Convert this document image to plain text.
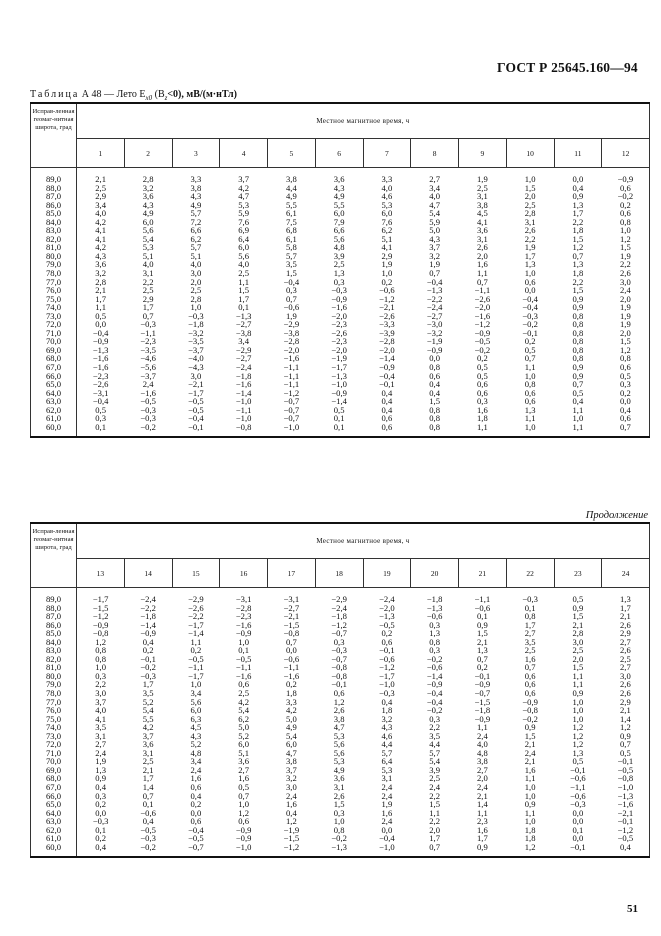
ГОСТ Р 25645.160—94
Таблица А 48 — Лето $E_{x0}$ $(B_z<0)$, мВ/(м·нТл)
Исправ-ленная геомаг-нитная широта, град	Местное магнитное время, ч											
	1	2	3	4	5	6	7	8	9	10	11	12
89,0	2,1	2,8	3,3	3,7	3,8	3,6	3,3	2,7	1,9	1,0	0,0	−0,9
88,0	2,5	3,2	3,8	4,2	4,4	4,3	4,0	3,4	2,5	1,5	0,4	0,6
87,0	2,9	3,6	4,3	4,7	4,9	4,9	4,6	4,0	3,1	2,0	0,9	−0,2
86,0	3,4	4,3	4,9	5,3	5,5	5,5	5,3	4,7	3,8	2,5	1,3	0,2
85,0	4,0	4,9	5,7	5,9	6,1	6,0	6,0	5,4	4,5	2,8	1,7	0,6
84,0	4,2	6,0	7,2	7,6	7,5	7,9	7,6	5,9	4,1	3,1	2,2	0,8
83,0	4,1	5,6	6,6	6,9	6,8	6,6	6,2	5,0	3,6	2,6	1,8	1,0
82,0	4,1	5,4	6,2	6,4	6,1	5,6	5,1	4,3	3,1	2,2	1,5	1,2
81,0	4,2	5,3	5,7	6,0	5,8	4,8	4,1	3,7	2,6	1,9	1,2	1,5
80,0	4,3	5,1	5,1	5,6	5,7	3,9	2,9	3,2	2,0	1,7	0,7	1,9
79,0	3,6	4,0	4,0	4,0	3,5	2,5	1,9	1,9	1,6	1,3	1,3	2,2
78,0	3,2	3,1	3,0	2,5	1,5	1,3	1,0	0,7	1,1	1,0	1,8	2,6
77,0	2,8	2,2	2,0	1,1	−0,4	0,3	0,2	−0,4	0,7	0,6	2,2	3,0
76,0	2,1	2,5	2,5	1,5	0,3	−0,3	−0,6	−1,3	−1,1	0,0	1,5	2,4
75,0	1,7	2,9	2,8	1,7	0,7	−0,9	−1,2	−2,2	−2,6	−0,4	0,9	2,0
74,0	1,1	1,7	1,0	0,1	−0,6	−1,6	−2,1	−2,4	−2,0	−0,4	0,9	1,9
73,0	0,5	0,7	−0,3	−1,3	1,9	−2,0	−2,6	−2,7	−1,6	−0,3	0,8	1,9
72,0	0,0	−0,3	−1,8	−2,7	−2,9	−2,3	−3,3	−3,0	−1,2	−0,2	0,8	1,9
71,0	−0,4	−1,1	−3,2	−3,8	−3,8	−2,6	−3,9	−3,2	−0,9	−0,1	0,8	2,0
70,0	−0,9	−2,3	−3,5	3,4	−2,8	−2,3	−2,8	−1,9	−0,5	0,2	0,8	1,5
69,0	−1,3	−3,5	−3,7	−2,9	−2,0	−2,0	−2,0	−0,9	−0,2	0,5	0,8	1,2
68,0	−1,6	−4,6	−4,0	−2,7	−1,6	−1,9	−1,4	0,0	0,2	0,7	0,8	0,8
67,0	−1,6	−5,6	−4,3	−2,4	−1,1	−1,7	−0,9	0,8	0,5	1,1	0,9	0,6
66,0	−2,3	−3,7	3,0	−1,8	−1,1	−1,3	−0,4	0,6	0,5	1,0	0,9	0,5
65,0	−2,6	2,4	−2,1	−1,6	−1,1	−1,0	−0,1	0,4	0,6	0,8	0,7	0,3
64,0	−3,1	−1,6	−1,7	−1,4	−1,2	−0,9	0,4	0,4	0,6	0,6	0,5	0,2
63,0	−0,4	−0,5	−0,5	−1,0	−0,7	−1,4	0,4	1,5	0,3	0,6	0,4	0,0
62,0	0,5	−0,3	−0,5	−1,1	−0,7	0,5	0,4	0,8	1,6	1,3	1,1	0,4
61,0	0,3	−0,3	−0,4	−1,0	−0,7	0,1	0,6	0,8	1,8	1,1	1,0	0,6
60,0	0,1	−0,2	−0,1	−0,8	−1,0	0,1	0,6	0,8	1,1	1,0	1,1	0,7
Продолжение
Исправ-ленная геомаг-нитная широта, град	Местное магнитное время, ч											
	13	14	15	16	17	18	19	20	21	22	23	24
89,0	−1,7	−2,4	−2,9	−3,1	−3,1	−2,9	−2,4	−1,8	−1,1	−0,3	0,5	1,3
88,0	−1,5	−2,2	−2,6	−2,8	−2,7	−2,4	−2,0	−1,3	−0,6	0,1	0,9	1,7
87,0	−1,2	−1,8	−2,2	−2,3	−2,1	−1,8	−1,3	−0,6	0,1	0,8	1,5	2,1
86,0	−0,9	−1,4	−1,7	−1,6	−1,5	−1,2	−0,5	0,3	0,9	1,7	2,1	2,6
85,0	−0,8	−0,9	−1,4	−0,9	−0,8	−0,7	0,2	1,3	1,5	2,7	2,8	2,9
84,0	1,2	0,4	1,1	1,0	0,7	0,3	0,6	0,8	2,1	3,5	3,0	2,7
83,0	0,8	0,2	0,2	0,1	0,0	−0,3	−0,1	0,3	1,3	2,5	2,5	2,6
82,0	0,8	−0,1	−0,5	−0,5	−0,6	−0,7	−0,6	−0,2	0,7	1,6	2,0	2,5
81,0	1,0	−0,2	−1,1	−1,1	−1,1	−0,8	−1,2	−0,6	0,2	0,7	1,5	2,7
80,0	0,3	−0,3	−1,7	−1,6	−1,6	−0,8	−1,7	−1,4	−0,1	0,6	1,1	3,0
79,0	2,2	1,7	1,0	0,6	0,2	−0,1	−1,0	−0,9	−0,9	0,6	1,1	2,6
78,0	3,0	3,5	3,4	2,5	1,8	0,6	−0,3	−0,4	−0,7	0,6	0,9	2,6
77,0	3,7	5,2	5,6	4,2	3,3	1,2	0,4	−0,4	−1,5	−0,9	1,0	2,9
76,0	4,0	5,4	6,0	5,4	4,2	2,6	1,8	−0,2	−1,8	−0,8	1,0	2,1
75,0	4,1	5,5	6,3	6,2	5,0	3,8	3,2	0,3	−0,9	−0,2	1,0	1,4
74,0	3,5	4,2	4,5	5,0	4,9	4,7	4,3	2,2	1,1	0,9	1,2	1,2
73,0	3,1	3,7	4,3	5,2	5,4	5,3	4,6	3,5	2,4	1,5	1,2	0,9
72,0	2,7	3,6	5,2	6,0	6,0	5,6	4,4	4,4	4,0	2,1	1,2	0,7
71,0	2,4	3,1	4,8	5,1	4,7	5,6	5,7	5,7	4,8	2,4	1,3	0,5
70,0	1,9	2,5	3,4	3,6	3,8	5,3	6,4	5,4	3,8	2,1	0,5	−0,1
69,0	1,3	2,1	2,4	2,7	3,7	4,9	5,3	3,9	2,7	1,6	−0,1	−0,5
68,0	0,9	1,7	1,6	1,6	3,2	3,6	3,1	2,5	2,0	1,1	−0,6	−0,8
67,0	0,4	1,4	0,6	0,5	3,0	3,1	2,4	2,4	2,4	1,0	−1,1	−1,0
66,0	0,3	0,7	0,4	0,7	2,4	2,6	2,4	2,2	2,1	1,0	−0,6	−1,3
65,0	0,2	0,1	0,2	1,0	1,6	1,5	1,9	1,5	1,4	0,9	−0,3	−1,6
64,0	0,0	−0,6	0,0	1,2	0,4	0,3	1,6	1,1	1,1	1,1	0,0	−2,1
63,0	−0,3	0,4	0,6	0,6	1,2	1,0	2,4	2,2	2,3	1,0	0,0	−0,1
62,0	0,1	−0,5	−0,4	−0,9	−1,9	0,8	0,0	2,0	1,6	1,8	0,1	−1,2
61,0	0,2	−0,3	−0,5	−0,9	−1,5	−0,2	−0,4	1,7	1,7	1,8	0,0	−0,5
60,0	0,4	−0,2	−0,7	−1,0	−1,2	−1,3	−1,0	0,7	0,9	1,2	−0,1	0,4
51
